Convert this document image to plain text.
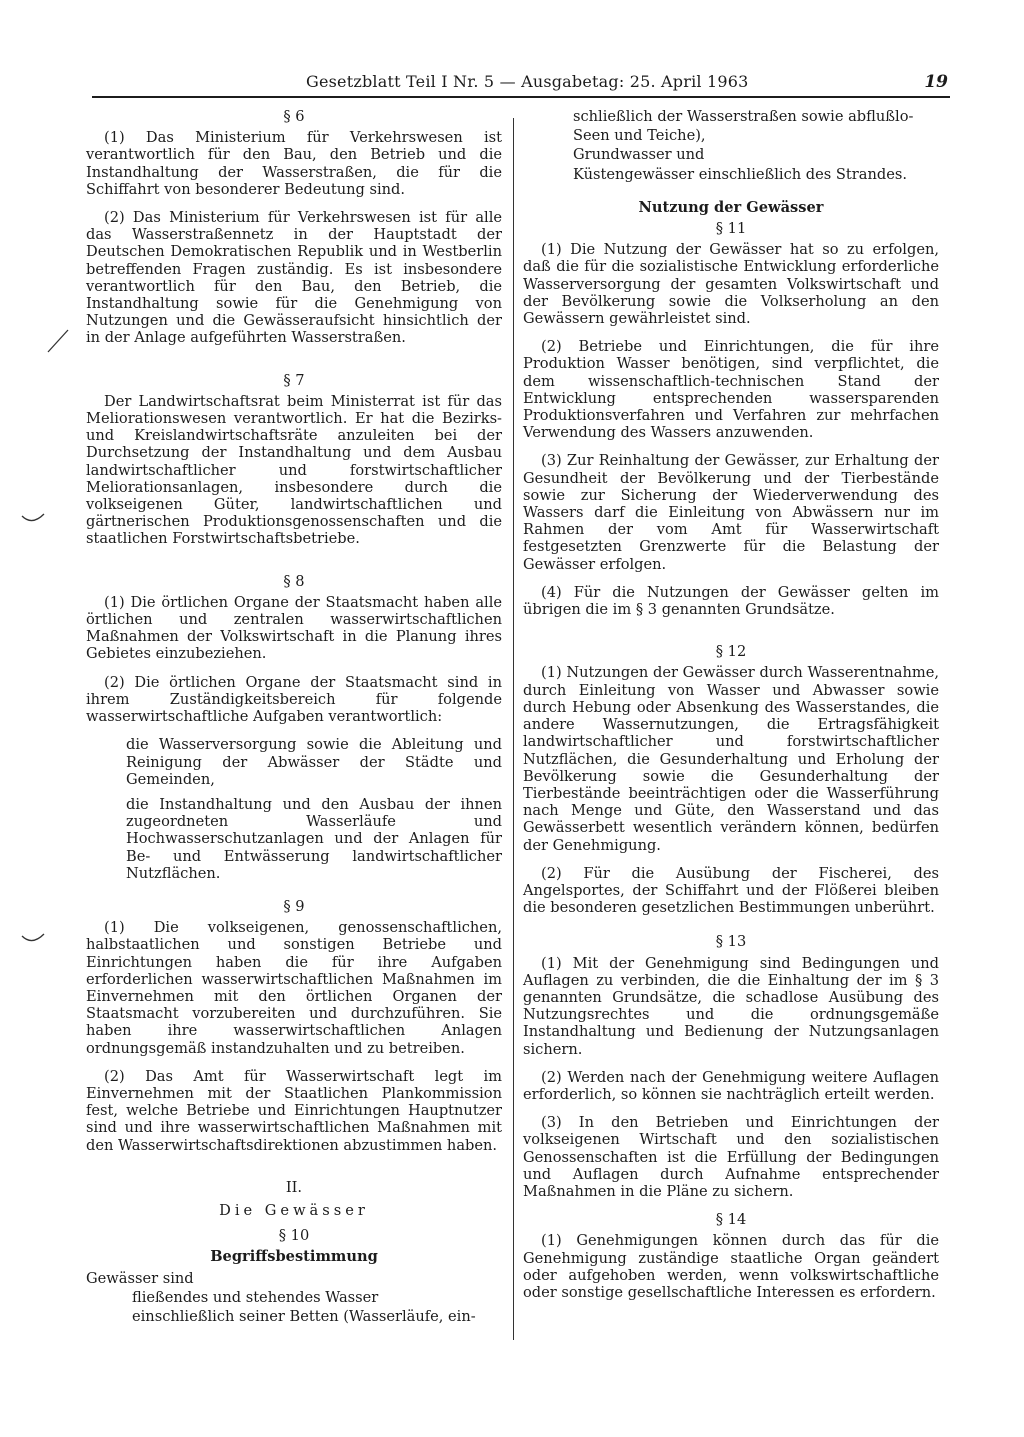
Gesetzblatt Teil I Nr. 5 — Ausgabetag: 25. April 1963	19
§ 6
(1) Das Ministerium für Verkehrswesen ist verantwortlich für den Bau, den Betrieb und die Instandhaltung der Wasserstraßen, die für die Schiffahrt von besonderer Bedeutung sind.
(2) Das Ministerium für Verkehrswesen ist für alle das Wasserstraßennetz in der Hauptstadt der Deutschen Demokratischen Republik und in Westberlin betreffenden Fragen zuständig. Es ist insbesondere verantwortlich für den Bau, den Betrieb, die Instandhaltung sowie für die Genehmigung von Nutzungen und die Gewässeraufsicht hinsichtlich der in der Anlage aufgeführten Wasserstraßen.
§ 7
Der Landwirtschaftsrat beim Ministerrat ist für das Meliorationswesen verantwortlich. Er hat die Bezirks- und Kreislandwirtschaftsräte anzuleiten bei der Durchsetzung der Instandhaltung und dem Ausbau landwirtschaftlicher und forstwirtschaftlicher Meliorationsanlagen, insbesondere durch die volkseigenen Güter, landwirtschaftlichen und gärtnerischen Produktionsgenossenschaften und die staatlichen Forstwirtschaftsbetriebe.
§ 8
(1) Die örtlichen Organe der Staatsmacht haben alle örtlichen und zentralen wasserwirtschaftlichen Maßnahmen der Volkswirtschaft in die Planung ihres Gebietes einzubeziehen.
(2) Die örtlichen Organe der Staatsmacht sind in ihrem Zuständigkeitsbereich für folgende wasserwirtschaftliche Aufgaben verantwortlich:
die Wasserversorgung sowie die Ableitung und Reinigung der Abwässer der Städte und Gemeinden,
die Instandhaltung und den Ausbau der ihnen zugeordneten Wasserläufe und Hochwasserschutzanlagen und der Anlagen für Be- und Entwässerung landwirtschaftlicher Nutzflächen.
§ 9
(1) Die volkseigenen, genossenschaftlichen, halbstaatlichen und sonstigen Betriebe und Einrichtungen haben die für ihre Aufgaben erforderlichen wasserwirtschaftlichen Maßnahmen im Einvernehmen mit den örtlichen Organen der Staatsmacht vorzubereiten und durchzuführen. Sie haben ihre wasserwirtschaftlichen Anlagen ordnungsgemäß instandzuhalten und zu betreiben.
(2) Das Amt für Wasserwirtschaft legt im Einvernehmen mit der Staatlichen Plankommission fest, welche Betriebe und Einrichtungen Hauptnutzer sind und ihre wasserwirtschaftlichen Maßnahmen mit den Wasserwirtschaftsdirektionen abzustimmen haben.
II.
Die Gewässer
§ 10
Begriffsbestimmung
Gewässer sind
fließendes und stehendes Wasser
einschließlich seiner Betten (Wasserläufe, ein-
schließlich der Wasserstraßen sowie abflußlo-
Seen und Teiche),
Grundwasser und
Küstengewässer einschließlich des Strandes.
Nutzung der Gewässer
§ 11
(1) Die Nutzung der Gewässer hat so zu erfolgen, daß die für die sozialistische Entwicklung erforderliche Wasserversorgung der gesamten Volkswirtschaft und der Bevölkerung sowie die Volkserholung an den Gewässern gewährleistet sind.
(2) Betriebe und Einrichtungen, die für ihre Produktion Wasser benötigen, sind verpflichtet, die dem wissenschaftlich-technischen Stand der Entwicklung entsprechenden wassersparenden Produktionsverfahren und Verfahren zur mehrfachen Verwendung des Wassers anzuwenden.
(3) Zur Reinhaltung der Gewässer, zur Erhaltung der Gesundheit der Bevölkerung und der Tierbestände sowie zur Sicherung der Wiederverwendung des Wassers darf die Einleitung von Abwässern nur im Rahmen der vom Amt für Wasserwirtschaft festgesetzten Grenzwerte für die Belastung der Gewässer erfolgen.
(4) Für die Nutzungen der Gewässer gelten im übrigen die im § 3 genannten Grundsätze.
§ 12
(1) Nutzungen der Gewässer durch Wasserentnahme, durch Einleitung von Wasser und Abwasser sowie durch Hebung oder Absenkung des Wasserstandes, die andere Wassernutzungen, die Ertragsfähigkeit landwirtschaftlicher und forstwirtschaftlicher Nutzflächen, die Gesunderhaltung und Erholung der Bevölkerung sowie die Gesunderhaltung der Tierbestände beeinträchtigen oder die Wasserführung nach Menge und Güte, den Wasserstand und das Gewässerbett wesentlich verändern können, bedürfen der Genehmigung.
(2) Für die Ausübung der Fischerei, des Angelsportes, der Schiffahrt und der Flößerei bleiben die besonderen gesetzlichen Bestimmungen unberührt.
§ 13
(1) Mit der Genehmigung sind Bedingungen und Auflagen zu verbinden, die die Einhaltung der im § 3 genannten Grundsätze, die schadlose Ausübung des Nutzungsrechtes und die ordnungsgemäße Instandhaltung und Bedienung der Nutzungsanlagen sichern.
(2) Werden nach der Genehmigung weitere Auflagen erforderlich, so können sie nachträglich erteilt werden.
(3) In den Betrieben und Einrichtungen der volkseigenen Wirtschaft und den sozialistischen Genossenschaften ist die Erfüllung der Bedingungen und Auflagen durch Aufnahme entsprechender Maßnahmen in die Pläne zu sichern.
§ 14
(1) Genehmigungen können durch das für die Genehmigung zuständige staatliche Organ geändert oder aufgehoben werden, wenn volkswirtschaftliche oder sonstige gesellschaftliche Interessen es erfordern.
